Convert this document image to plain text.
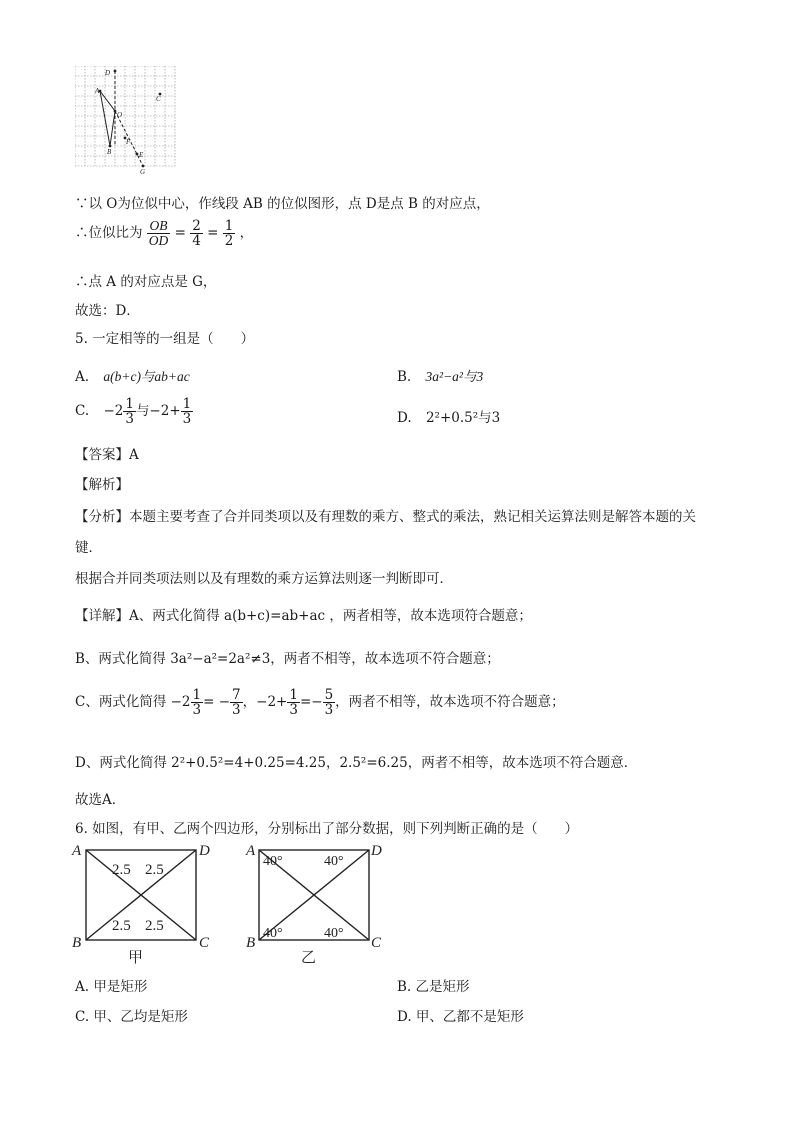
D
A
C
O
F
B	E
G
∵以 O为位似中心，作线段 AB 的位似图形，点 D是点 B 的对应点，
∴位似比为 $\frac{OB}{OD} = \frac{2}{4} = \frac{1}{2}$ ，
∴点 A 的对应点是 G，
故选：D．
5. 一定相等的一组是（　　）
A. a(b+c)与ab+ac	B. 3a²−a²与3
C. $-2 \frac{1}{3}$ 与$-2+ \frac{1}{3}$	D. 2²+0.5²与3
【答案】A
【解析】
【分析】本题主要考查了合并同类项以及有理数的乘方、整式的乘法，熟记相关运算法则是解答本题的关
键．
根据合并同类项法则以及有理数的乘方运算法则逐一判断即可．
【详解】A、两式化简得 a(b+c)=ab+ac ，两者相等，故本选项符合题意；
B、两式化简得 3a²−a²=2a²≠3，两者不相等，故本选项不符合题意；
C、两式化简得 $-2 \frac{1}{3}$ = − $\frac{7}{3}$ ，$-2+ \frac{1}{3} =- \frac{5}{3}$ ，两者不相等，故本选项不符合题意；
D、两式化简得 2²+0.5²=4+0.25=4.25，2.5²=6.25，两者不相等，故本选项不符合题意．
故选A．
6. 如图，有甲、乙两个四边形，分别标出了部分数据，则下列判断正确的是（　　）
A
B	C
D
2.5 2.5
2.5 2.5
甲
A
B	C
D
40°	40°
40°	40°
乙
A. 甲是矩形	B. 乙是矩形
C. 甲、乙均是矩形	D. 甲、乙都不是矩形
